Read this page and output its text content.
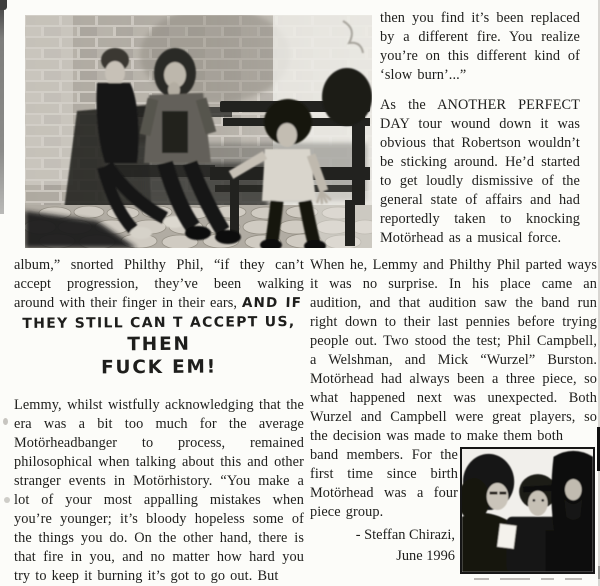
then you find it’s been replaced by a different fire. You realize you’re on this different kind of ‘slow burn’...”

As the ANOTHER PERFECT DAY tour wound down it was obvious that Robertson wouldn’t be sticking around. He’d started to get loudly dismissive of the general state of affairs and had reportedly taken to knocking Motörhead as a musical force.

album,” snorted Philthy Phil, “if they can’t accept progression, they’ve been walking around with their finger in their ears, AND IF

THEY STILL CAN T ACCEPT US, THEN
FUCK EM!

Lemmy, whilst wistfully acknowledging that the era was a bit too much for the average Motörheadbanger to process, remained philosophical when talking about this and other stranger events in Motörhistory. “You make a lot of your most appalling mistakes when you’re younger; it’s bloody hopeless some of the things you do. On the other hand, there is that fire in you, and no matter how hard you try to keep it burning it’s got to go out. But

When he, Lemmy and Philthy Phil parted ways it was no surprise. In his place came an audition, and that audition saw the band run right down to their last pennies before trying people out. Two stood the test; Phil Campbell, a Welshman, and Mick “Wurzel” Burston. Motörhead had always been a three piece, so what happened next was unexpected. Both Wurzel and Campbell were great players, so the decision was made to make them both

band members. For the first time since birth Motörhead was a four piece group.

- Steffan Chirazi,
June 1996
